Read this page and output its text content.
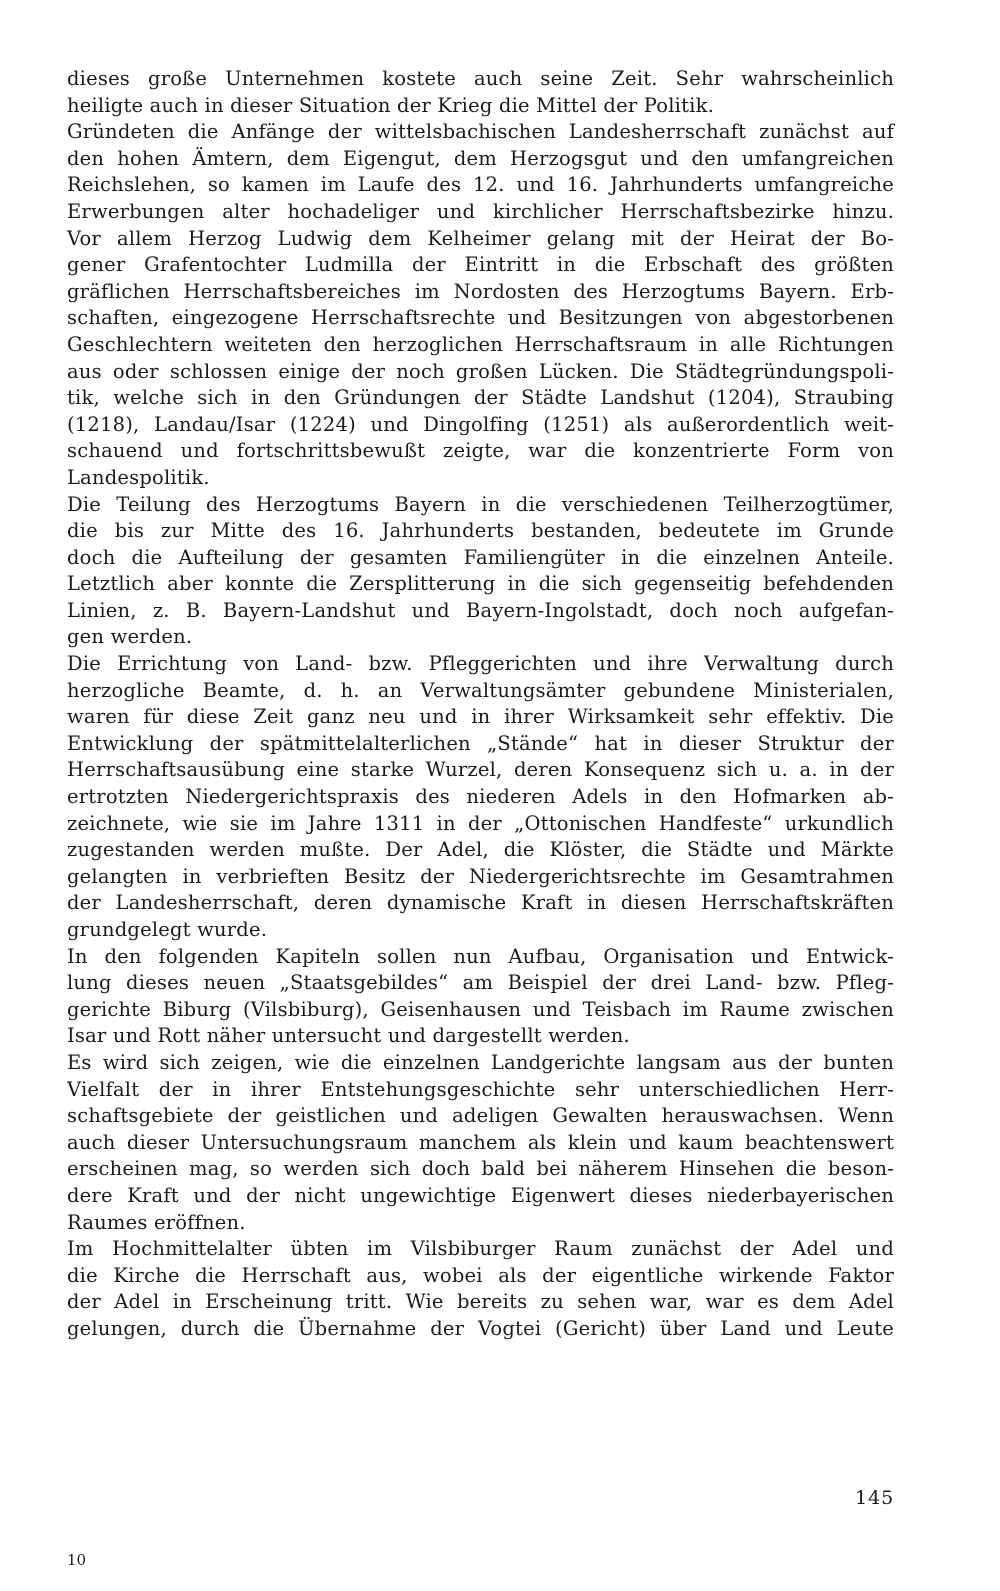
dieses große Unternehmen kostete auch seine Zeit. Sehr wahrscheinlich
heiligte auch in dieser Situation der Krieg die Mittel der Politik.
Gründeten die Anfänge der wittelsbachischen Landesherrschaft zunächst auf
den hohen Ämtern, dem Eigengut, dem Herzogsgut und den umfangreichen
Reichslehen, so kamen im Laufe des 12. und 16. Jahrhunderts umfangreiche
Erwerbungen alter hochadeliger und kirchlicher Herrschaftsbezirke hinzu.
Vor allem Herzog Ludwig dem Kelheimer gelang mit der Heirat der Bo-
gener Grafentochter Ludmilla der Eintritt in die Erbschaft des größten
gräflichen Herrschaftsbereiches im Nordosten des Herzogtums Bayern. Erb-
schaften, eingezogene Herrschaftsrechte und Besitzungen von abgestorbenen
Geschlechtern weiteten den herzoglichen Herrschaftsraum in alle Richtungen
aus oder schlossen einige der noch großen Lücken. Die Städtegründungspoli-
tik, welche sich in den Gründungen der Städte Landshut (1204), Straubing
(1218), Landau/Isar (1224) und Dingolfing (1251) als außerordentlich weit-
schauend und fortschrittsbewußt zeigte, war die konzentrierte Form von
Landespolitik.
Die Teilung des Herzogtums Bayern in die verschiedenen Teilherzogtümer,
die bis zur Mitte des 16. Jahrhunderts bestanden, bedeutete im Grunde
doch die Aufteilung der gesamten Familiengüter in die einzelnen Anteile.
Letztlich aber konnte die Zersplitterung in die sich gegenseitig befehdenden
Linien, z. B. Bayern-Landshut und Bayern-Ingolstadt, doch noch aufgefan-
gen werden.
Die Errichtung von Land- bzw. Pfleggerichten und ihre Verwaltung durch
herzogliche Beamte, d. h. an Verwaltungsämter gebundene Ministerialen,
waren für diese Zeit ganz neu und in ihrer Wirksamkeit sehr effektiv. Die
Entwicklung der spätmittelalterlichen „Stände“ hat in dieser Struktur der
Herrschaftsausübung eine starke Wurzel, deren Konsequenz sich u. a. in der
ertrotzten Niedergerichtspraxis des niederen Adels in den Hofmarken ab-
zeichnete, wie sie im Jahre 1311 in der „Ottonischen Handfeste“ urkundlich
zugestanden werden mußte. Der Adel, die Klöster, die Städte und Märkte
gelangten in verbrieften Besitz der Niedergerichtsrechte im Gesamtrahmen
der Landesherrschaft, deren dynamische Kraft in diesen Herrschaftskräften
grundgelegt wurde.
In den folgenden Kapiteln sollen nun Aufbau, Organisation und Entwick-
lung dieses neuen „Staatsgebildes“ am Beispiel der drei Land- bzw. Pfleg-
gerichte Biburg (Vilsbiburg), Geisenhausen und Teisbach im Raume zwischen
Isar und Rott näher untersucht und dargestellt werden.
Es wird sich zeigen, wie die einzelnen Landgerichte langsam aus der bunten
Vielfalt der in ihrer Entstehungsgeschichte sehr unterschiedlichen Herr-
schaftsgebiete der geistlichen und adeligen Gewalten herauswachsen. Wenn
auch dieser Untersuchungsraum manchem als klein und kaum beachtenswert
erscheinen mag, so werden sich doch bald bei näherem Hinsehen die beson-
dere Kraft und der nicht ungewichtige Eigenwert dieses niederbayerischen
Raumes eröffnen.
Im Hochmittelalter übten im Vilsbiburger Raum zunächst der Adel und
die Kirche die Herrschaft aus, wobei als der eigentliche wirkende Faktor
der Adel in Erscheinung tritt. Wie bereits zu sehen war, war es dem Adel
gelungen, durch die Übernahme der Vogtei (Gericht) über Land und Leute
145
10
